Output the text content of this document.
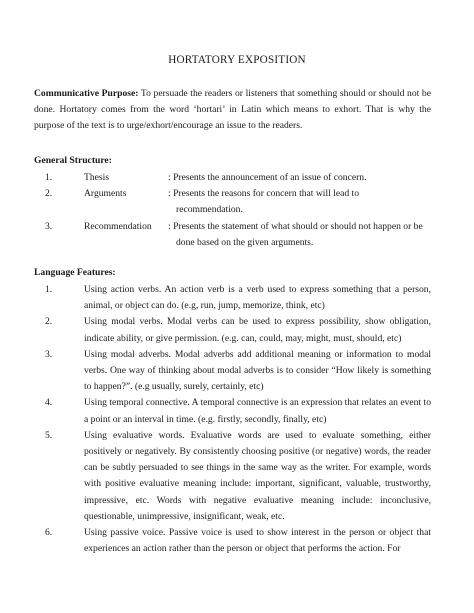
HORTATORY EXPOSITION
Communicative Purpose: To persuade the readers or listeners that something should or should not be done. Hortatory comes from the word ‘hortari’ in Latin which means to exhort. That is why the purpose of the text is to urge/exhort/encourage an issue to the readers.
General Structure:
1.	Thesis	: Presents the announcement of an issue of concern.
2.	Arguments	: Presents the reasons for concern that will lead to
recommendation.
3.	Recommendation : Presents the statement of what should or should not happen or be
done based on the given arguments.
Language Features:
1.	Using action verbs. An action verb is a verb used to express something that a person, animal, or object can do. (e.g, run, jump, memorize, think, etc)
2.	Using modal verbs. Modal verbs can be used to express possibility, show obligation, indicate ability, or give permission. (e.g. can, could, may, might, must, should, etc)
3.	Using modal adverbs. Modal adverbs add additional meaning or information to modal verbs. One way of thinking about modal adverbs is to consider “How likely is something to happen?”. (e.g usually, surely, certainly, etc)
4.	Using temporal connective. A temporal connective is an expression that relates an event to a point or an interval in time. (e.g. firstly, secondly, finally, etc)
5.	Using evaluative words. Evaluative words are used to evaluate something, either positively or negatively. By consistently choosing positive (or negative) words, the reader can be subtly persuaded to see things in the same way as the writer. For example, words with positive evaluative meaning include: important, significant, valuable, trustworthy, impressive, etc. Words with negative evaluative meaning include: inconclusive, questionable, unimpressive, insignificant, weak, etc.
6.	Using passive voice. Passive voice is used to show interest in the person or object that experiences an action rather than the person or object that performs the action. For
